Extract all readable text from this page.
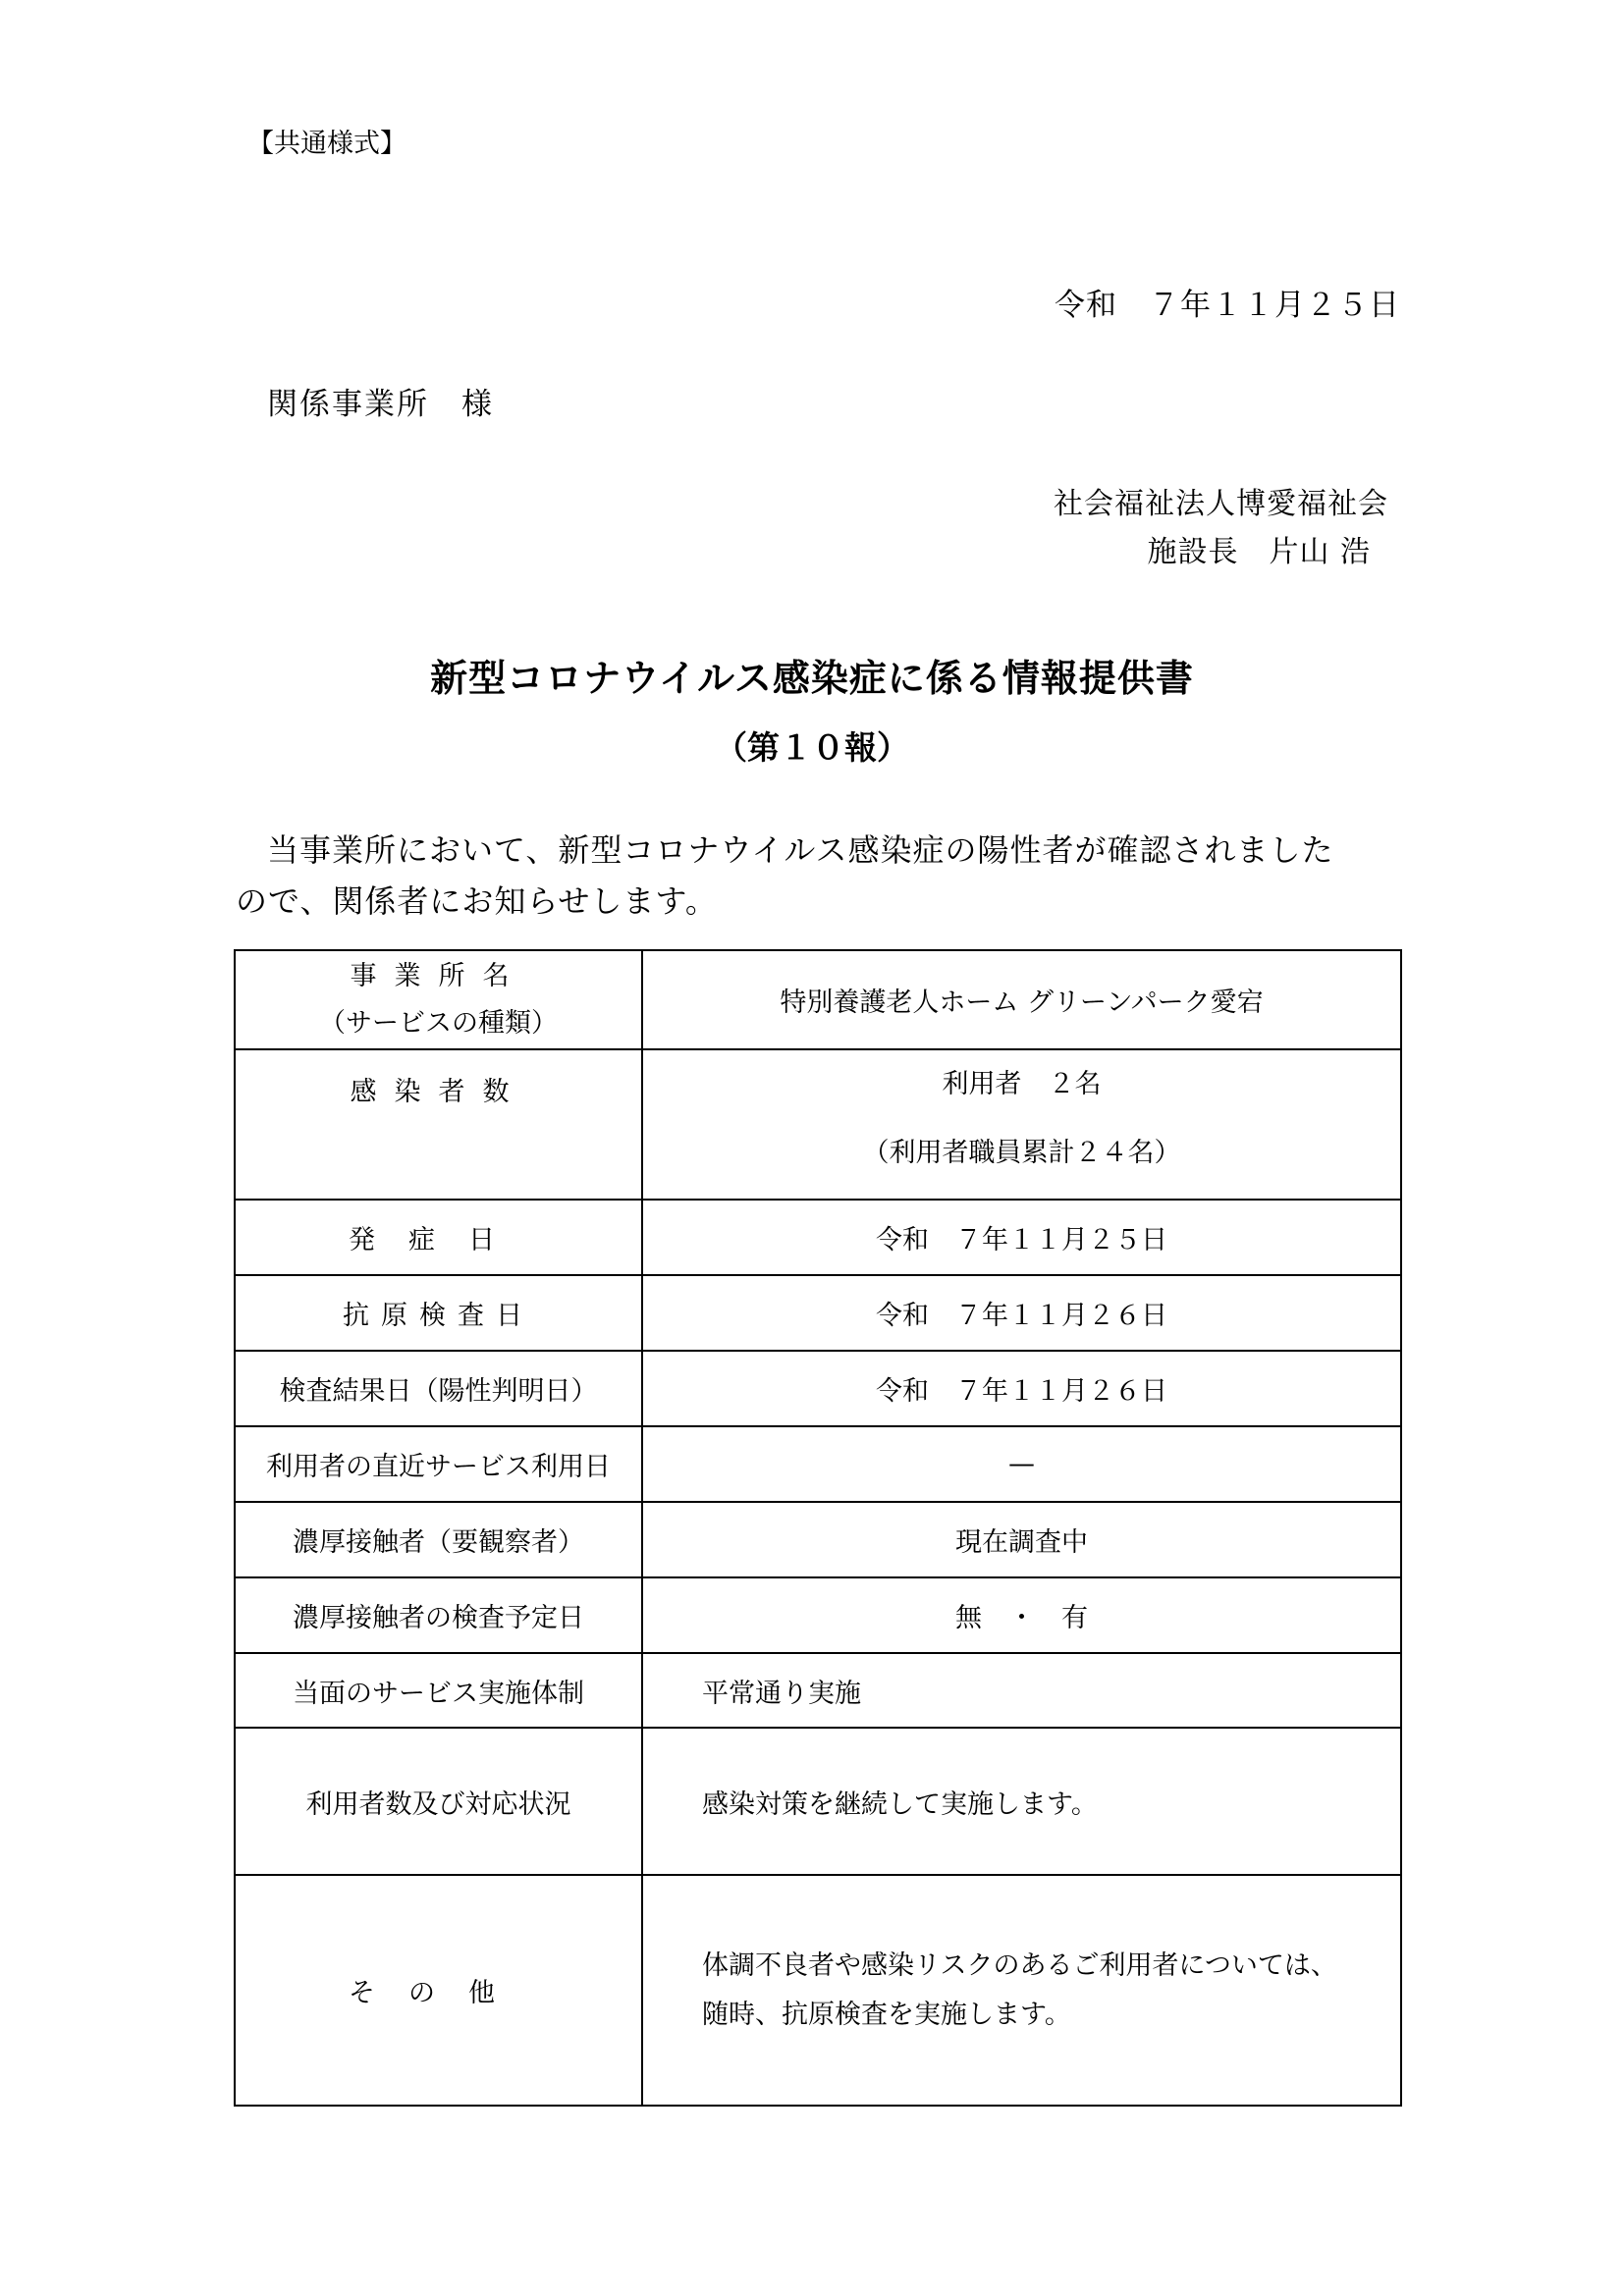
【共通様式】
令和　７年１１月２５日
関係事業所　様
社会福祉法人博愛福祉会
施設長　片山 浩
新型コロナウイルス感染症に係る情報提供書
（第１０報）
当事業所において、新型コロナウイルス感染症の陽性者が確認されました
ので、関係者にお知らせします。
事業所名
（サービスの種類）	特別養護老人ホーム グリーンパーク愛宕
感染者数	利用者　２名
（利用者職員累計２４名）

発症日	令和　７年１１月２５日
抗原検査日	令和　７年１１月２６日
検査結果日（陽性判明日）	令和　７年１１月２６日
利用者の直近サービス利用日	—
濃厚接触者（要観察者）	現在調査中
濃厚接触者の検査予定日	無　・　有
当面のサービス実施体制	平常通り実施
利用者数及び対応状況	感染対策を継続して実施します。
その他	体調不良者や感染リスクのあるご利用者については、
随時、抗原検査を実施します。
